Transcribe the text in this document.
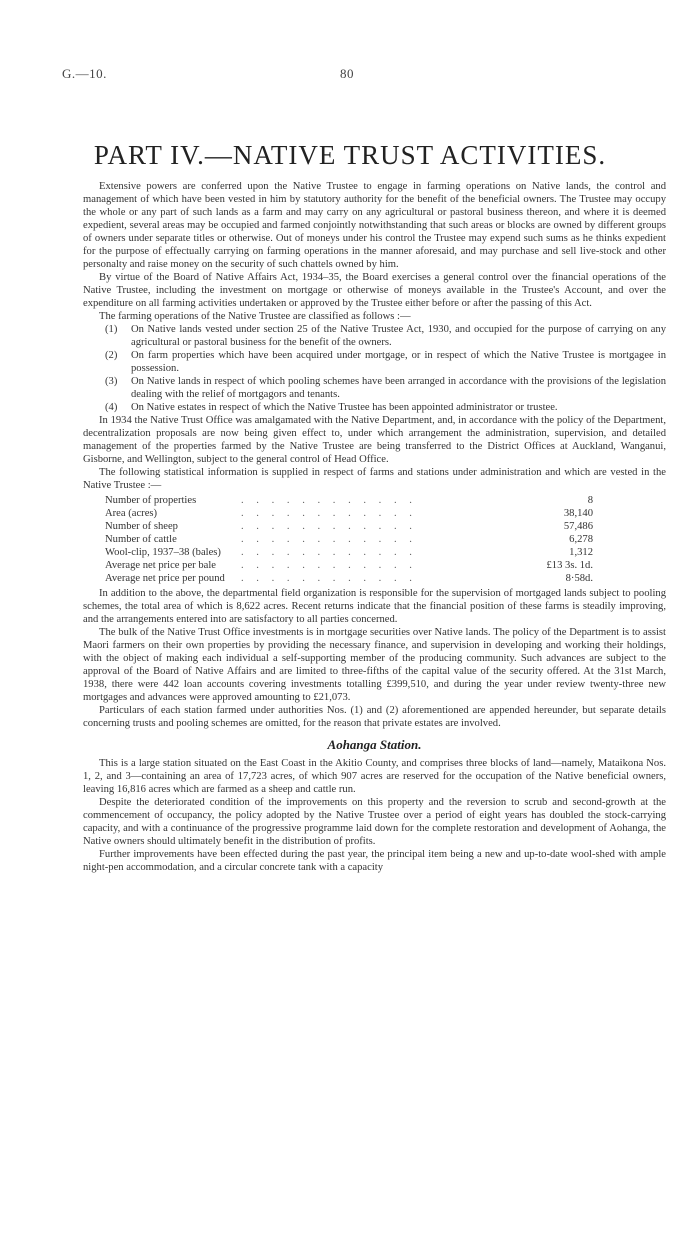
G.—10.	80
PART IV.—NATIVE TRUST ACTIVITIES.

Extensive powers are conferred upon the Native Trustee to engage in farming operations on Native lands, the control and management of which have been vested in him by statutory authority for the benefit of the beneficial owners. The Trustee may occupy the whole or any part of such lands as a farm and may carry on any agricultural or pastoral business thereon, and where it is deemed expedient, several areas may be occupied and farmed conjointly notwithstanding that such areas or blocks are owned by different groups of owners under separate titles or otherwise. Out of moneys under his control the Trustee may expend such sums as he thinks expedient for the purpose of effectually carrying on farming operations in the manner aforesaid, and may purchase and sell live-stock and other personalty and raise money on the security of such chattels owned by him.

By virtue of the Board of Native Affairs Act, 1934–35, the Board exercises a general control over the financial operations of the Native Trustee, including the investment on mortgage or otherwise of moneys available in the Trustee's Account, and over the expenditure on all farming activities undertaken or approved by the Trustee either before or after the passing of this Act.

The farming operations of the Native Trustee are classified as follows :—

(1) On Native lands vested under section 25 of the Native Trustee Act, 1930, and occupied for the purpose of carrying on any agricultural or pastoral business for the benefit of the owners.
(2) On farm properties which have been acquired under mortgage, or in respect of which the Native Trustee is mortgagee in possession.
(3) On Native lands in respect of which pooling schemes have been arranged in accordance with the provisions of the legislation dealing with the relief of mortgagors and tenants.
(4) On Native estates in respect of which the Native Trustee has been appointed administrator or trustee.

In 1934 the Native Trust Office was amalgamated with the Native Department, and, in accordance with the policy of the Department, decentralization proposals are now being given effect to, under which arrangement the administration, supervision, and detailed management of the properties farmed by the Native Trustee are being transferred to the District Offices at Auckland, Wanganui, Gisborne, and Wellington, subject to the general control of Head Office.

The following statistical information is supplied in respect of farms and stations under administration and which are vested in the Native Trustee :—

Number of properties	. . . . . . . . . . . .	8
Area (acres)	. . . . . . . . . . . .	38,140
Number of sheep	. . . . . . . . . . . .	57,486
Number of cattle	. . . . . . . . . . . .	6,278
Wool-clip, 1937–38 (bales)	. . . . . . . . . . . .	1,312
Average net price per bale	. . . . . . . . . . . .	£13 3s. 1d.
Average net price per pound	. . . . . . . . . . . .	8·58d.

In addition to the above, the departmental field organization is responsible for the supervision of mortgaged lands subject to pooling schemes, the total area of which is 8,622 acres. Recent returns indicate that the financial position of these farms is steadily improving, and the arrangements entered into are satisfactory to all parties concerned.

The bulk of the Native Trust Office investments is in mortgage securities over Native lands. The policy of the Department is to assist Maori farmers on their own properties by providing the necessary finance, and supervision in developing and working their holdings, with the object of making each individual a self-supporting member of the producing community. Such advances are subject to the approval of the Board of Native Affairs and are limited to three-fifths of the capital value of the security offered. At the 31st March, 1938, there were 442 loan accounts covering investments totalling £399,510, and during the year under review twenty-three new mortgages and advances were approved amounting to £21,073.

Particulars of each station farmed under authorities Nos. (1) and (2) aforementioned are appended hereunder, but separate details concerning trusts and pooling schemes are omitted, for the reason that private estates are involved.

Aohanga Station.

This is a large station situated on the East Coast in the Akitio County, and comprises three blocks of land—namely, Mataikona Nos. 1, 2, and 3—containing an area of 17,723 acres, of which 907 acres are reserved for the occupation of the Native beneficial owners, leaving 16,816 acres which are farmed as a sheep and cattle run.

Despite the deteriorated condition of the improvements on this property and the reversion to scrub and second-growth at the commencement of occupancy, the policy adopted by the Native Trustee over a period of eight years has doubled the stock-carrying capacity, and with a continuance of the progressive programme laid down for the complete restoration and development of Aohanga, the Native owners should ultimately benefit in the distribution of profits.

Further improvements have been effected during the past year, the principal item being a new and up-to-date wool-shed with ample night-pen accommodation, and a circular concrete tank with a capacity
